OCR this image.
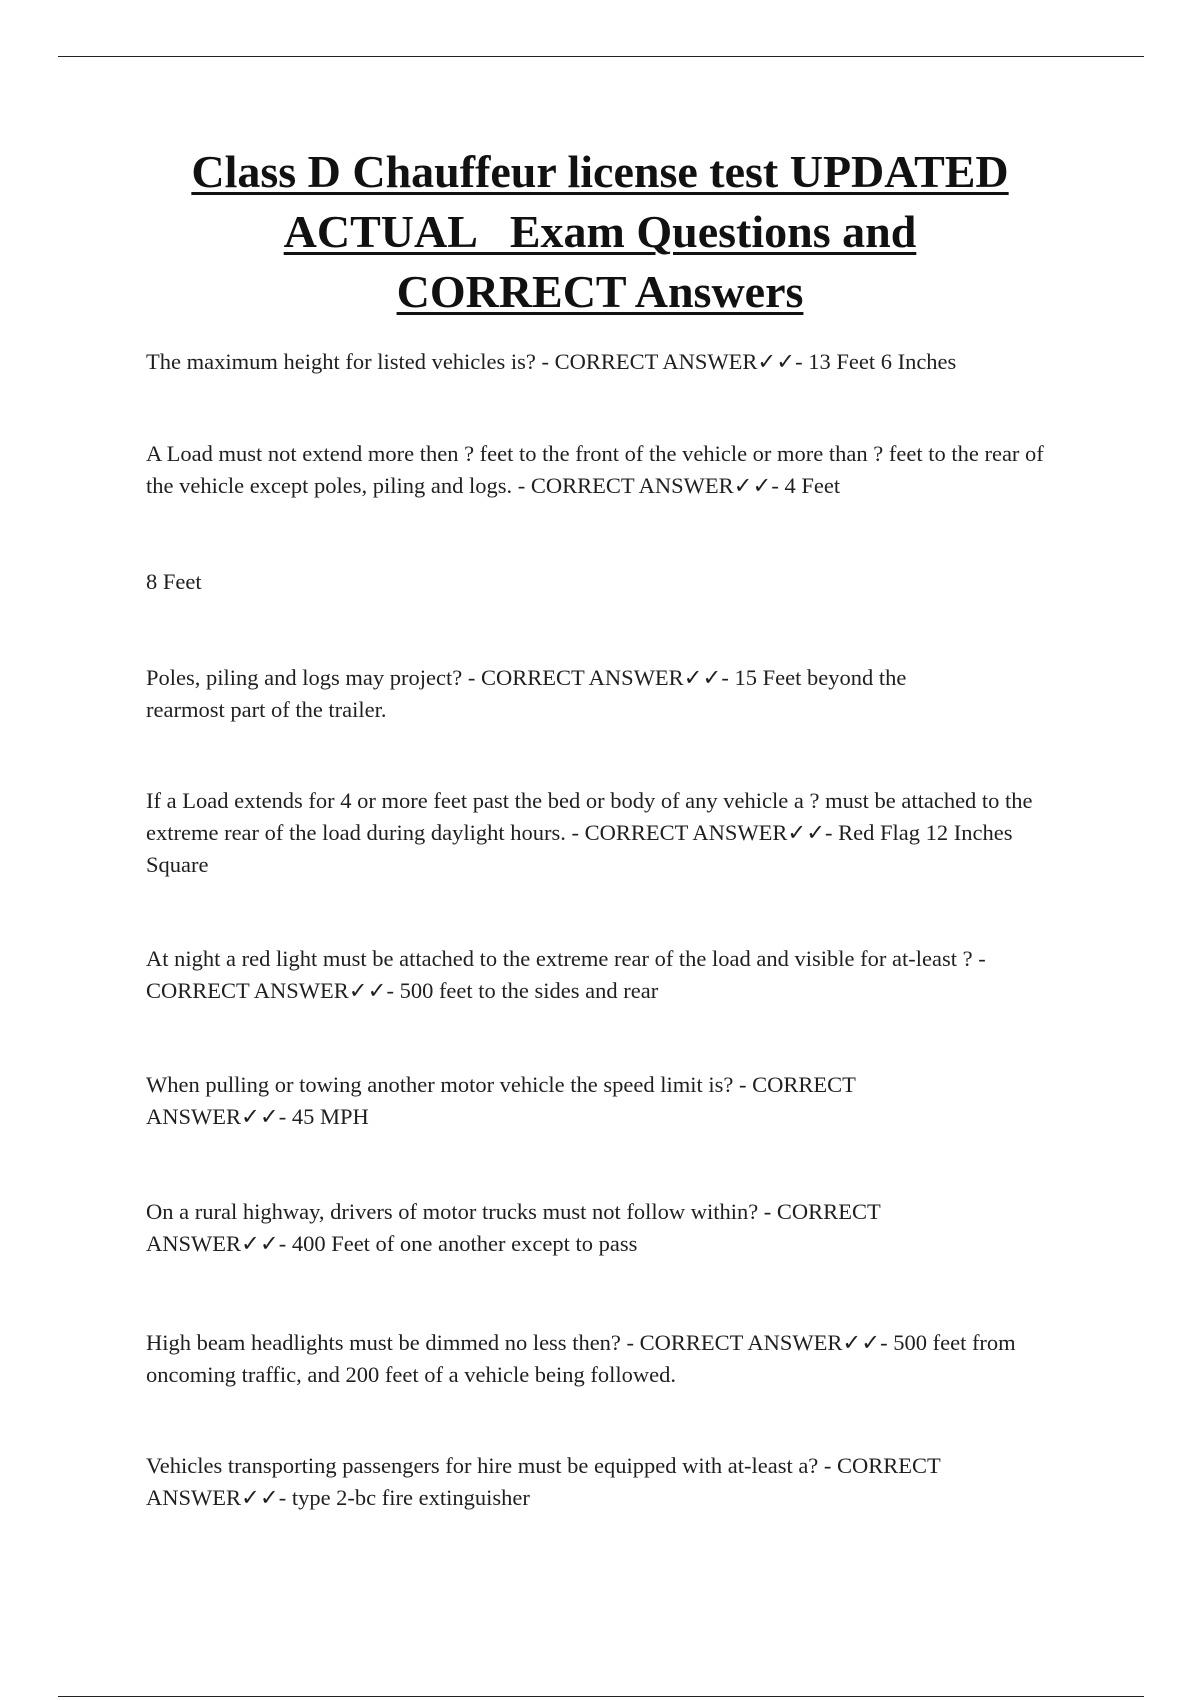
Class D Chauffeur license test UPDATED
ACTUAL   Exam Questions and
CORRECT Answers
The maximum height for listed vehicles is? - CORRECT ANSWER✓✓- 13 Feet 6 Inches
A Load must not extend more then ? feet to the front of the vehicle or more than ? feet to the rear of the vehicle except poles, piling and logs. - CORRECT ANSWER✓✓- 4 Feet
8 Feet
Poles, piling and logs may project? - CORRECT ANSWER✓✓- 15 Feet beyond the rearmost part of the trailer.
If a Load extends for 4 or more feet past the bed or body of any vehicle a ? must be attached to the extreme rear of the load during daylight hours. - CORRECT ANSWER✓✓- Red Flag 12 Inches Square
At night a red light must be attached to the extreme rear of the load and visible for at-least ? - CORRECT ANSWER✓✓- 500 feet to the sides and rear
When pulling or towing another motor vehicle the speed limit is? - CORRECT ANSWER✓✓- 45 MPH
On a rural highway, drivers of motor trucks must not follow within? - CORRECT ANSWER✓✓- 400 Feet of one another except to pass
High beam headlights must be dimmed no less then? - CORRECT ANSWER✓✓- 500 feet from oncoming traffic, and 200 feet of a vehicle being followed.
Vehicles transporting passengers for hire must be equipped with at-least a? - CORRECT ANSWER✓✓- type 2-bc fire extinguisher
